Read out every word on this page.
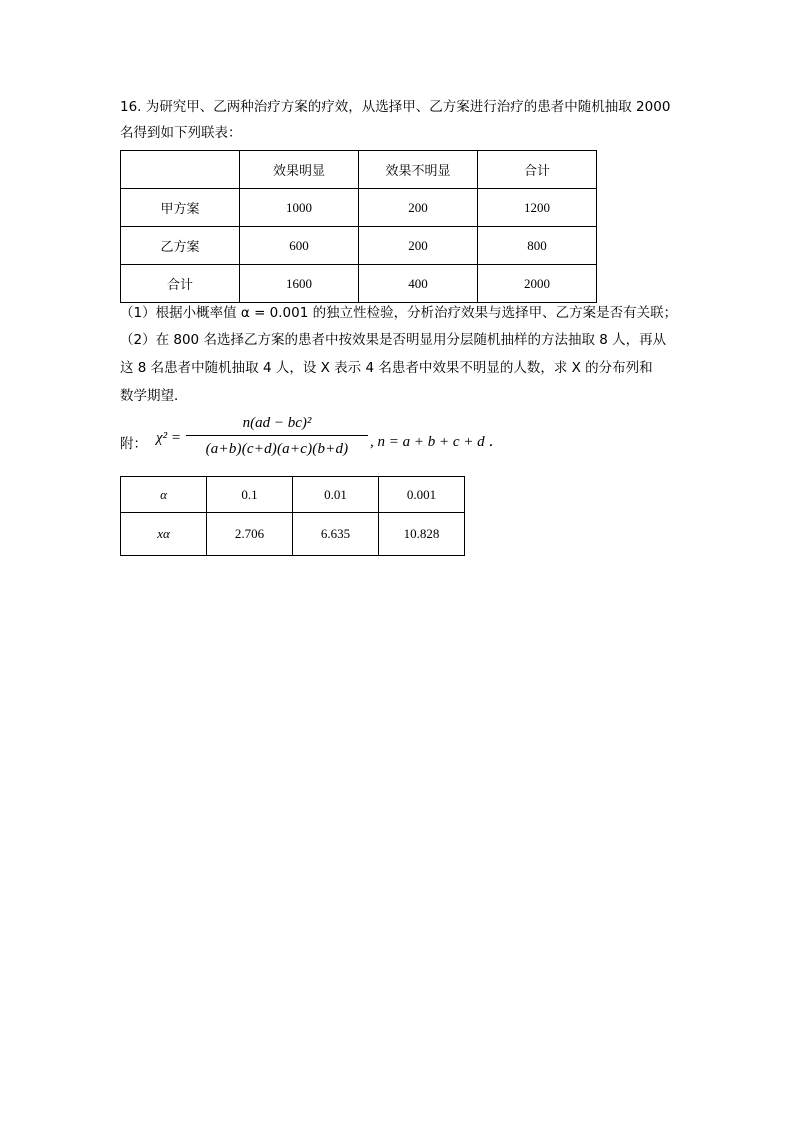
16. 为研究甲、乙两种治疗方案的疗效，从选择甲、乙方案进行治疗的患者中随机抽取 2000
名得到如下列联表：
	效果明显	效果不明显	合计
甲方案	1000	200	1200
乙方案	600	200	800
合计	1600	400	2000
（1）根据小概率值 α = 0.001 的独立性检验，分析治疗效果与选择甲、乙方案是否有关联；
（2）在 800 名选择乙方案的患者中按效果是否明显用分层随机抽样的方法抽取 8 人，再从
这 8 名患者中随机抽取 4 人，设 X 表示 4 名患者中效果不明显的人数，求 X 的分布列和
数学期望．
附： χ² =
n(ad − bc)²
(a+b)(c+d)(a+c)(b+d)	, n = a + b + c + d ．
α	0.1	0.01	0.001
xα	2.706	6.635	10.828
